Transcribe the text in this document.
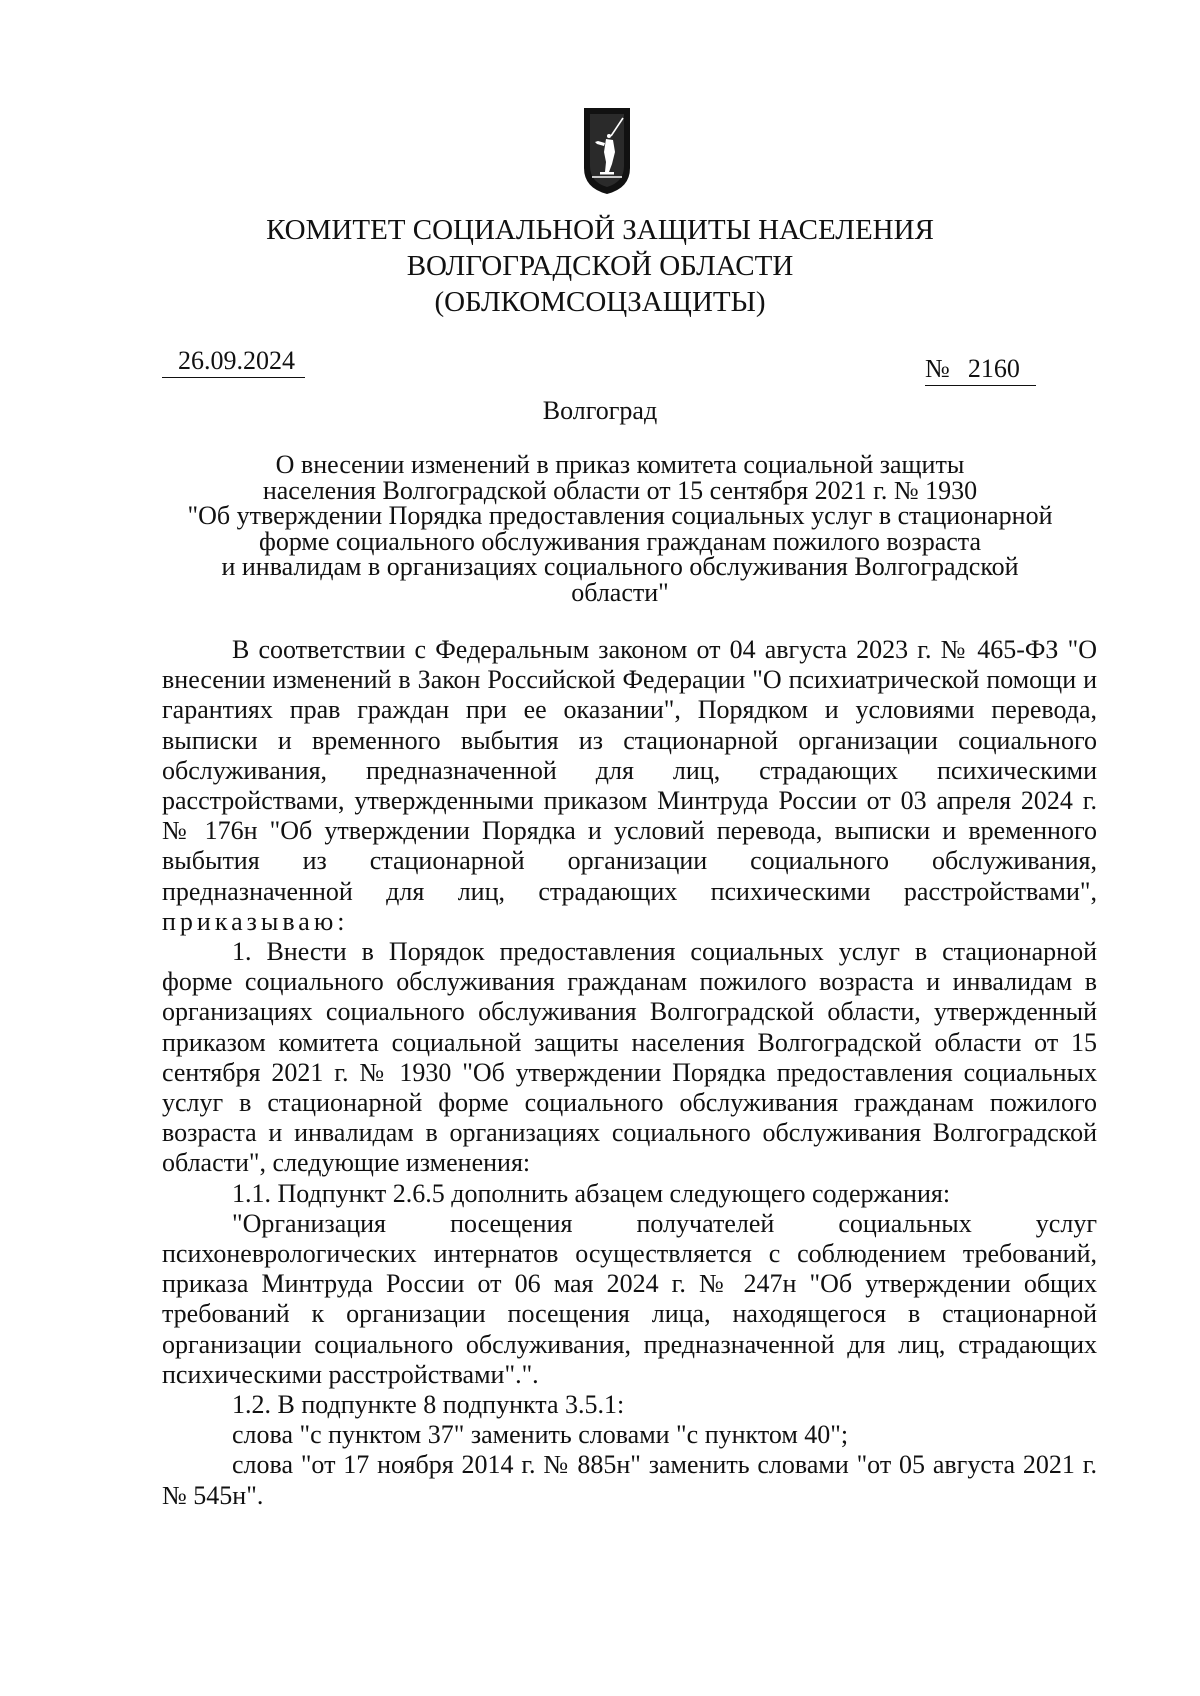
КОМИТЕТ СОЦИАЛЬНОЙ ЗАЩИТЫ НАСЕЛЕНИЯ
ВОЛГОГРАДСКОЙ ОБЛАСТИ
(ОБЛКОМСОЦЗАЩИТЫ)
26.09.2024	№ 2160
Волгоград
О внесении изменений в приказ комитета социальной защиты
населения Волгоградской области от 15 сентября 2021 г. № 1930
"Об утверждении Порядка предоставления социальных услуг в стационарной
форме социального обслуживания гражданам пожилого возраста
и инвалидам в организациях социального обслуживания Волгоградской
области"

В соответствии с Федеральным законом от 04 августа 2023 г. № 465-ФЗ "О внесении изменений в Закон Российской Федерации "О психиатрической помощи и гарантиях прав граждан при ее оказании", Порядком и условиями перевода, выписки и временного выбытия из стационарной организации социального обслуживания, предназначенной для лиц, страдающих психическими расстройствами, утвержденными приказом Минтруда России от 03 апреля 2024 г. № 176н "Об утверждении Порядка и условий перевода, выписки и временного выбытия из стационарной организации социального обслуживания, предназначенной для лиц, страдающих психическими расстройствами", приказываю:

1. Внести в Порядок предоставления социальных услуг в стационарной форме социального обслуживания гражданам пожилого возраста и инвалидам в организациях социального обслуживания Волгоградской области, утвержденный приказом комитета социальной защиты населения Волгоградской области от 15 сентября 2021 г. № 1930 "Об утверждении Порядка предоставления социальных услуг в стационарной форме социального обслуживания гражданам пожилого возраста и инвалидам в организациях социального обслуживания Волгоградской области", следующие изменения:

1.1. Подпункт 2.6.5 дополнить абзацем следующего содержания:

"Организация посещения получателей социальных услуг психоневрологических интернатов осуществляется с соблюдением требований, приказа Минтруда России от 06 мая 2024 г. № 247н "Об утверждении общих требований к организации посещения лица, находящегося в стационарной организации социального обслуживания, предназначенной для лиц, страдающих психическими расстройствами".".

1.2. В подпункте 8 подпункта 3.5.1:

слова "с пунктом 37" заменить словами "с пунктом 40";

слова "от 17 ноября 2014 г. № 885н" заменить словами "от 05 августа 2021 г. № 545н".
